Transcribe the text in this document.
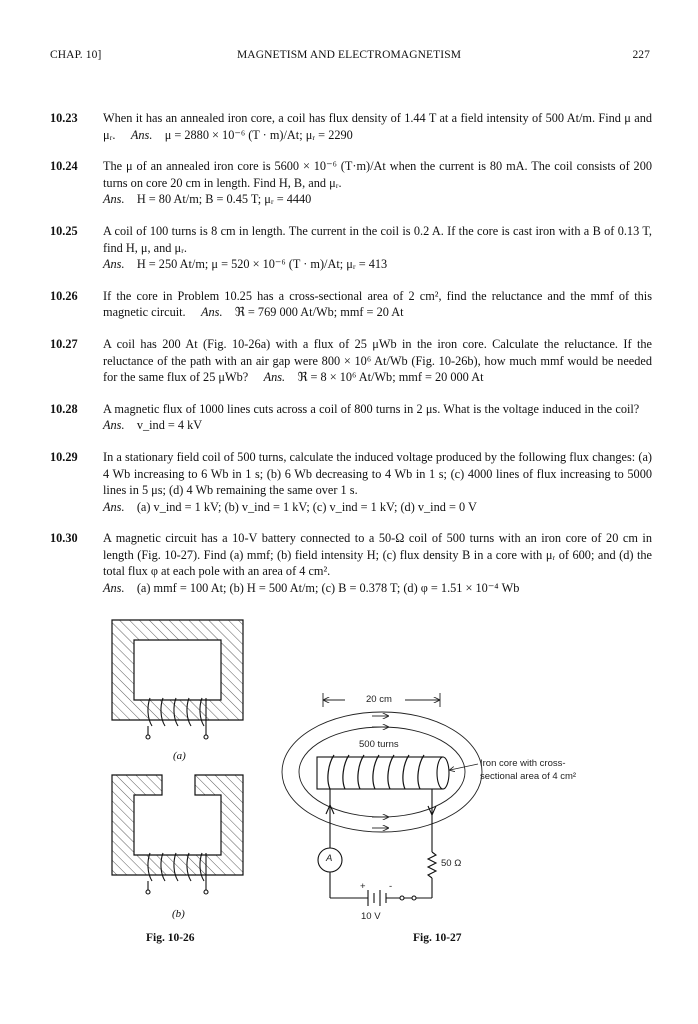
CHAP. 10]	MAGNETISM AND ELECTROMAGNETISM	227
10.23 When it has an annealed iron core, a coil has flux density of 1.44 T at a field intensity of 500 At/m. Find μ and μᵣ. Ans. μ = 2880 × 10⁻⁶ (T · m)/At; μᵣ = 2290
10.24 The μ of an annealed iron core is 5600 × 10⁻⁶ (T·m)/At when the current is 80 mA. The coil consists of 200 turns on core 20 cm in length. Find H, B, and μᵣ.
Ans. H = 80 At/m; B = 0.45 T; μᵣ = 4440
10.25 A coil of 100 turns is 8 cm in length. The current in the coil is 0.2 A. If the core is cast iron with a B of 0.13 T, find H, μ, and μᵣ.
Ans. H = 250 At/m; μ = 520 × 10⁻⁶ (T · m)/At; μᵣ = 413
10.26 If the core in Problem 10.25 has a cross-sectional area of 2 cm², find the reluctance and the mmf of this magnetic circuit. Ans. ℜ = 769 000 At/Wb; mmf = 20 At
10.27 A coil has 200 At (Fig. 10-26a) with a flux of 25 μWb in the iron core. Calculate the reluctance. If the reluctance of the path with an air gap were 800 × 10⁶ At/Wb (Fig. 10-26b), how much mmf would be needed for the same flux of 25 μWb? Ans. ℜ = 8 × 10⁶ At/Wb; mmf = 20 000 At
10.28 A magnetic flux of 1000 lines cuts across a coil of 800 turns in 2 μs. What is the voltage induced in the coil?     Ans. v_ind = 4 kV
10.29 In a stationary field coil of 500 turns, calculate the induced voltage produced by the following flux changes: (a) 4 Wb increasing to 6 Wb in 1 s; (b) 6 Wb decreasing to 4 Wb in 1 s; (c) 4000 lines of flux increasing to 5000 lines in 5 μs; (d) 4 Wb remaining the same over 1 s.
Ans. (a) v_ind = 1 kV; (b) v_ind = 1 kV; (c) v_ind = 1 kV; (d) v_ind = 0 V
10.30 A magnetic circuit has a 10-V battery connected to a 50-Ω coil of 500 turns with an iron core of 20 cm in length (Fig. 10-27). Find (a) mmf; (b) field intensity H; (c) flux density B in a core with μᵣ of 600; and (d) the total flux φ at each pole with an area of 4 cm².
Ans. (a) mmf = 100 At; (b) H = 500 At/m; (c) B = 0.378 T; (d) φ = 1.51 × 10⁻⁴ Wb
(a)
(b)
Fig. 10-26
20 cm
500 turns
Iron core with cross-
sectional area of 4 cm²
A	50 Ω
+ -
10 V
Fig. 10-27
